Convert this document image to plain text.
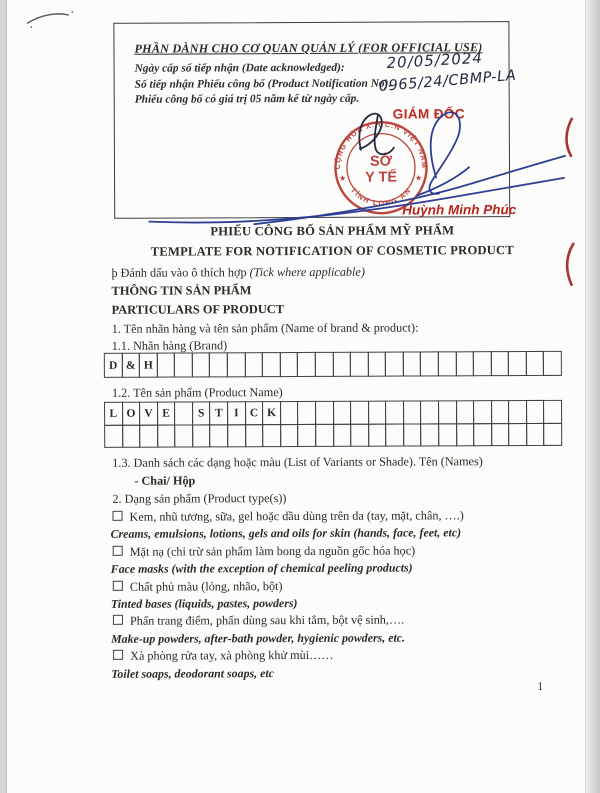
PHẦN DÀNH CHO CƠ QUAN QUẢN LÝ (FOR OFFICIAL USE)
Ngày cấp số tiếp nhận (Date acknowledged):
Số tiếp nhận Phiếu công bố (Product Notification No):
Phiếu công bố có giá trị 05 năm kể từ ngày cấp.
20/05/2024
0965/24/CBMP-LA
GIÁM ĐỐC
Huỳnh Minh Phúc
CỘNG HÒA X.H.C.N VIỆT NAM
TỈNH LONG AN
SỞ
Y TẾ
★	★
PHIẾU CÔNG BỐ SẢN PHẨM MỸ PHẨM
TEMPLATE FOR NOTIFICATION OF COSMETIC PRODUCT
þ Đánh dấu vào ô thích hợp (Tick where applicable)
THÔNG TIN SẢN PHẨM
PARTICULARS OF PRODUCT
1. Tên nhãn hàng và tên sản phẩm (Name of brand & product):
1.1. Nhãn hàng (Brand)
D & H
1.2. Tên sản phẩm (Product Name)
L O V E	S T I C K
1.3. Danh sách các dạng hoặc màu (List of Variants or Shade). Tên (Names)
- Chai/ Hộp
2. Dạng sản phẩm (Product type(s))
Kem, nhũ tương, sữa, gel hoặc dầu dùng trên da (tay, mặt, chân, ….)
Creams, emulsions, lotions, gels and oils for skin (hands, face, feet, etc)
Mặt nạ (chỉ trừ sản phẩm làm bong da nguồn gốc hóa học)
Face masks (with the exception of chemical peeling products)
Chất phủ màu (lỏng, nhão, bột)
Tinted bases (liquids, pastes, powders)
Phấn trang điểm, phấn dùng sau khi tắm, bột vệ sinh,….
Make-up powders, after-bath powder, hygienic powders, etc.
Xà phòng rửa tay, xà phòng khử mùi……
Toilet soaps, deodorant soaps, etc
1
